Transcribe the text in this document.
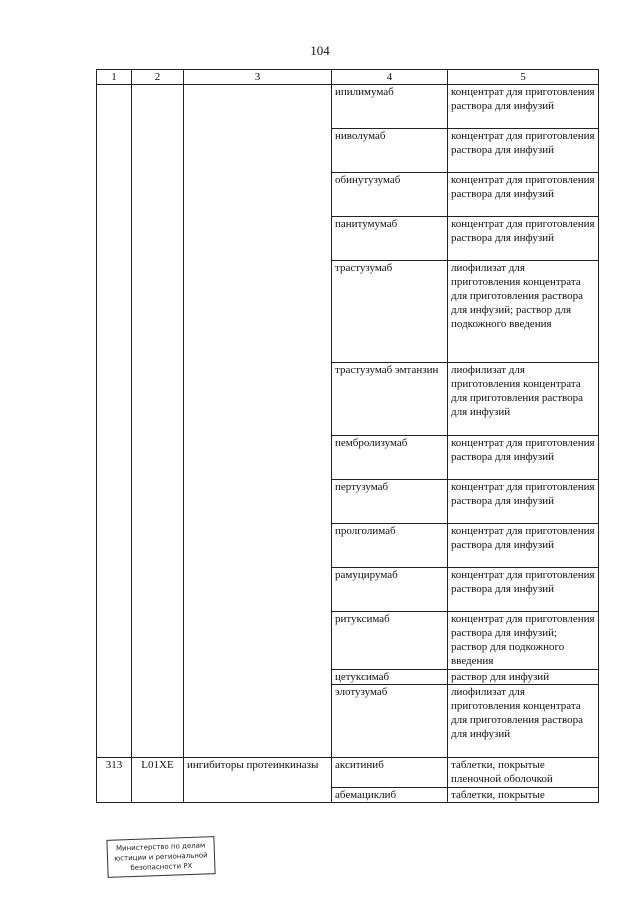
104
1	2	3	4	5
			ипилимумаб	концентрат для приготовления раствора для инфузий
			ниволумаб	концентрат для приготовления раствора для инфузий
			обинутузумаб	концентрат для приготовления раствора для инфузий
			панитумумаб	концентрат для приготовления раствора для инфузий
			трастузумаб	лиофилизат для приготовления концентрата для приготовления раствора для инфузий; раствор для подкожного введения
			трастузумаб эмтанзин	лиофилизат для приготовления концентрата для приготовления раствора для инфузий
			пембролизумаб	концентрат для приготовления раствора для инфузий
			пертузумаб	концентрат для приготовления раствора для инфузий
			пролголимаб	концентрат для приготовления раствора для инфузий
			рамуцирумаб	концентрат для приготовления раствора для инфузий
			ритуксимаб	концентрат для приготовления раствора для инфузий; раствор для подкожного введения
			цетуксимаб	раствор для инфузий
			элотузумаб	лиофилизат для приготовления концентрата для приготовления раствора для инфузий
313	L01XE	ингибиторы протеинкиназы	акситиниб	таблетки, покрытые пленочной оболочкой
			абемациклиб	таблетки, покрытые
Министерство по делам юстиции и региональной безопасности РХ
